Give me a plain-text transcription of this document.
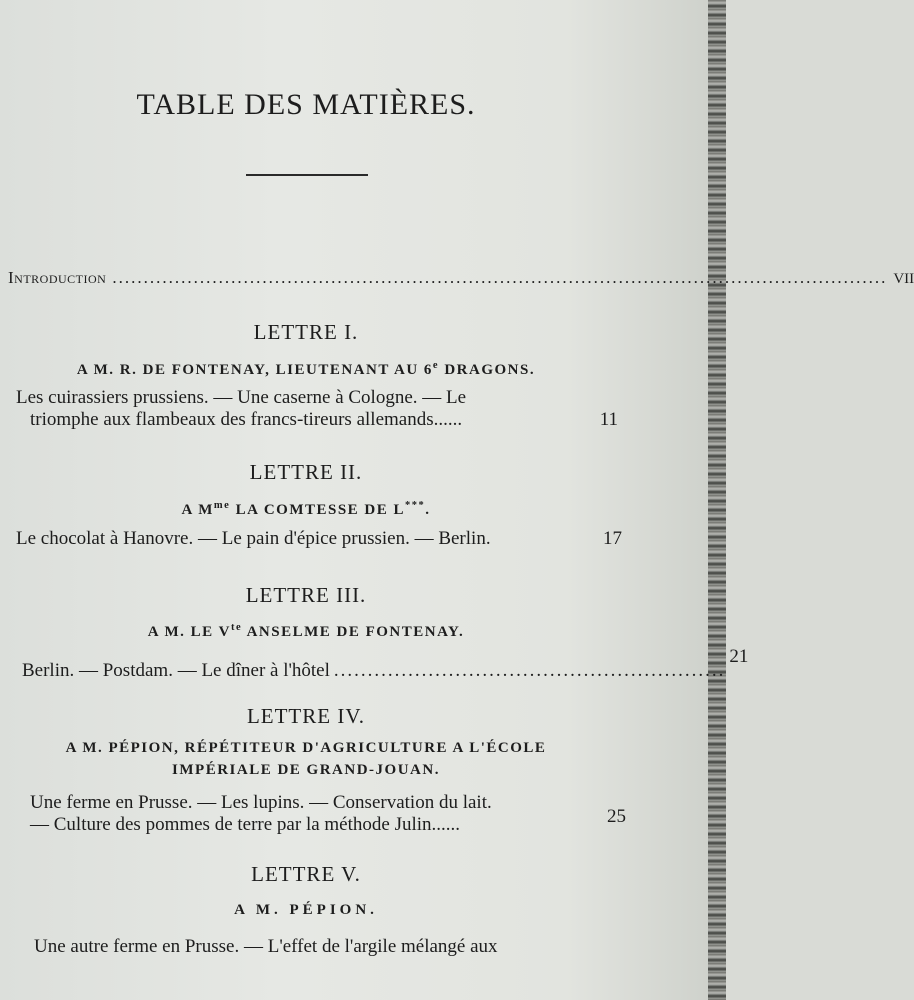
TABLE DES MATIÈRES.
Introduction ............................................................................................................................ VII
LETTRE I.
A M. R. DE FONTENAY, LIEUTENANT AU 6e DRAGONS.
Les cuirassiers prussiens. — Une caserne à Cologne. — Le
triomphe aux flambeaux des francs-tireurs allemands ......	11
LETTRE II.
A $M^{me}$ LA COMTESSE DE L***.
Le chocolat à Hanovre. — Le pain d'épice prussien. — Berlin.	17
LETTRE III.
A M. LE $V^{te}$ ANSELME DE FONTENAY.
Berlin. — Postdam. — Le dîner à l'hôtel ..........................................................
21
LETTRE IV.
A M. PÉPION, RÉPÉTITEUR D'AGRICULTURE A L'ÉCOLE
IMPÉRIALE DE GRAND-JOUAN.
Une ferme en Prusse. — Les lupins. — Conservation du lait.
— Culture des pommes de terre par la méthode Julin ......	25
LETTRE V.
A M. PÉPION.
Une autre ferme en Prusse. — L'effet de l'argile mélangé aux
